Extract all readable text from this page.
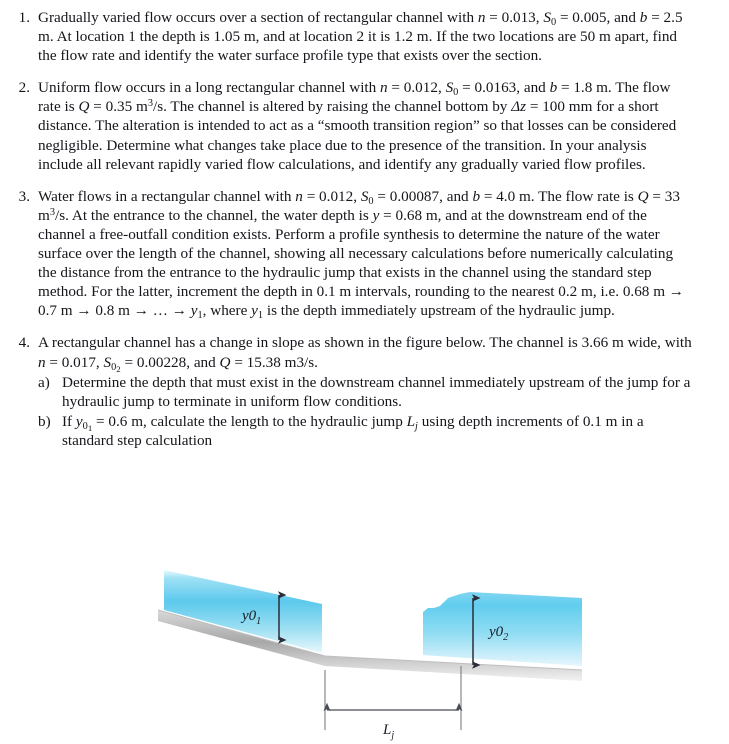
1. Gradually varied flow occurs over a section of rectangular channel with n = 0.013, $S_0 = 0.005$, and b = 2.5 m. At location 1 the depth is 1.05 m, and at location 2 it is 1.2 m. If the two locations are 50 m apart, find the flow rate and identify the water surface profile type that exists over the section.

2. Uniform flow occurs in a long rectangular channel with n = 0.012, $S_0 = 0.0163$, and b = 1.8 m. The flow rate is Q = 0.35 $m^3/s$. The channel is altered by raising the channel bottom by Δz = 100 mm for a short distance. The alteration is intended to act as a “smooth transition region” so that losses can be considered negligible. Determine what changes take place due to the presence of the transition. In your analysis include all relevant rapidly varied flow calculations, and identify any gradually varied flow profiles.

3. Water flows in a rectangular channel with n = 0.012, $S_0 = 0.00087$, and b = 4.0 m. The flow rate is Q = 33 $m^3/s$. At the entrance to the channel, the water depth is y = 0.68 m, and at the downstream end of the channel a free-outfall condition exists. Perform a profile synthesis to determine the nature of the water surface over the length of the channel, showing all necessary calculations before numerically calculating the distance from the entrance to the hydraulic jump that exists in the channel using the standard step method. For the latter, increment the depth in 0.1 m intervals, rounding to the nearest 0.2 m, i.e. 0.68 m → 0.7 m → 0.8 m → … → $y_1$, where $y_1$ is the depth immediately upstream of the hydraulic jump.

4. A rectangular channel has a change in slope as shown in the figure below. The channel is 3.66 m wide, with n = 0.017, $S_{02} = 0.00228$, and Q = 15.38 m3/s.

a) Determine the depth that must exist in the downstream channel immediately upstream of the jump for a hydraulic jump to terminate in uniform flow conditions.
b) If $y_{01} = 0.6$ m, calculate the length to the hydraulic jump $L_j$ using depth increments of 0.1 m in a standard step calculation
$y0_1$
$y0_2$
$L_j$
